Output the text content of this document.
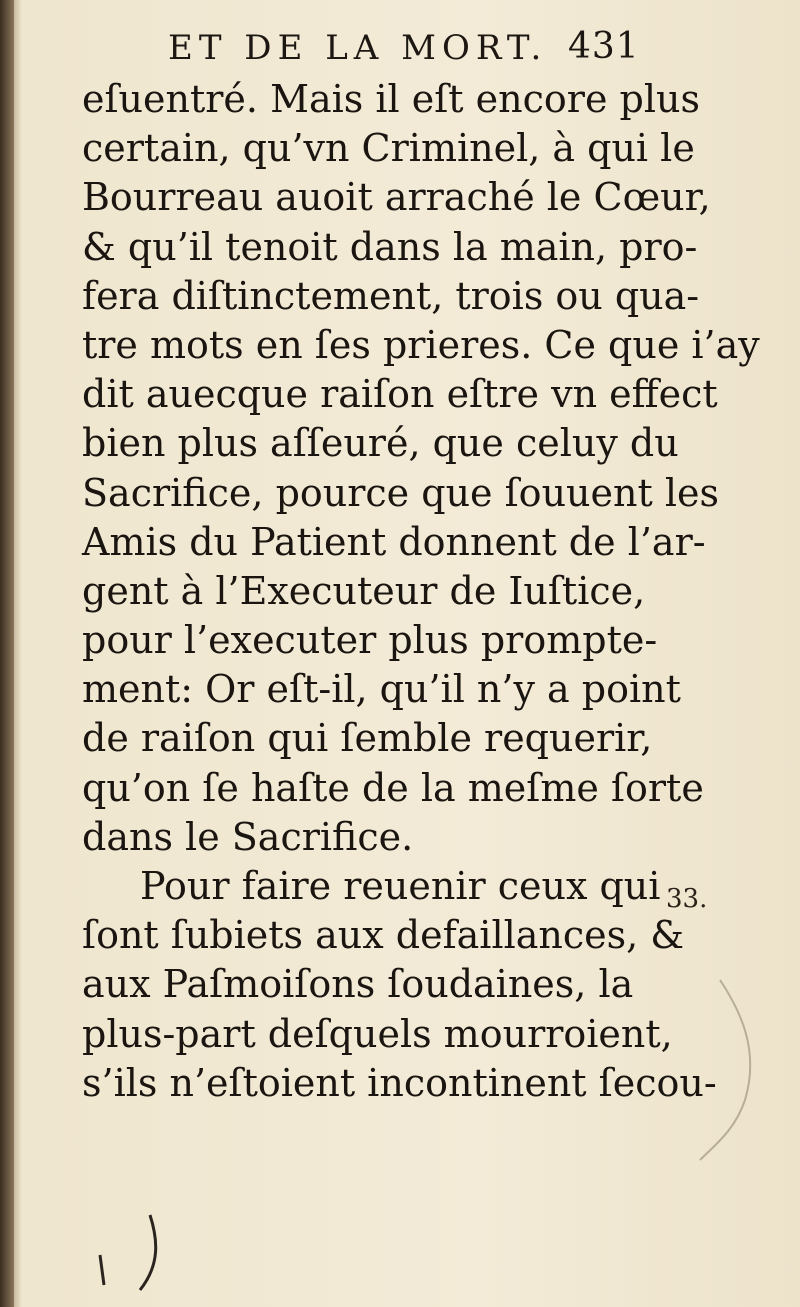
ET DE LA MORT. 431
eſuentré. Mais il eſt encore plus
certain, qu’vn Criminel, à qui le
Bourreau auoit arraché le Cœur,
& qu’il tenoit dans la main, pro-
fera diſtinctement, trois ou qua-
tre mots en ſes prieres. Ce que i’ay
dit auecque raiſon eſtre vn effect
bien plus aſſeuré, que celuy du
Sacrifice, pource que ſouuent les
Amis du Patient donnent de l’ar-
gent à l’Executeur de Iuſtice,
pour l’executer plus prompte-
ment: Or eſt-il, qu’il n’y a point
de raiſon qui ſemble requerir,
qu’on ſe haſte de la meſme ſorte
dans le Sacrifice.
Pour faire reuenir ceux qui
ſont ſubiets aux defaillances, &
aux Paſmoiſons ſoudaines, la
plus-part deſquels mourroient,
s’ils n’eſtoient incontinent ſecou-
33.
